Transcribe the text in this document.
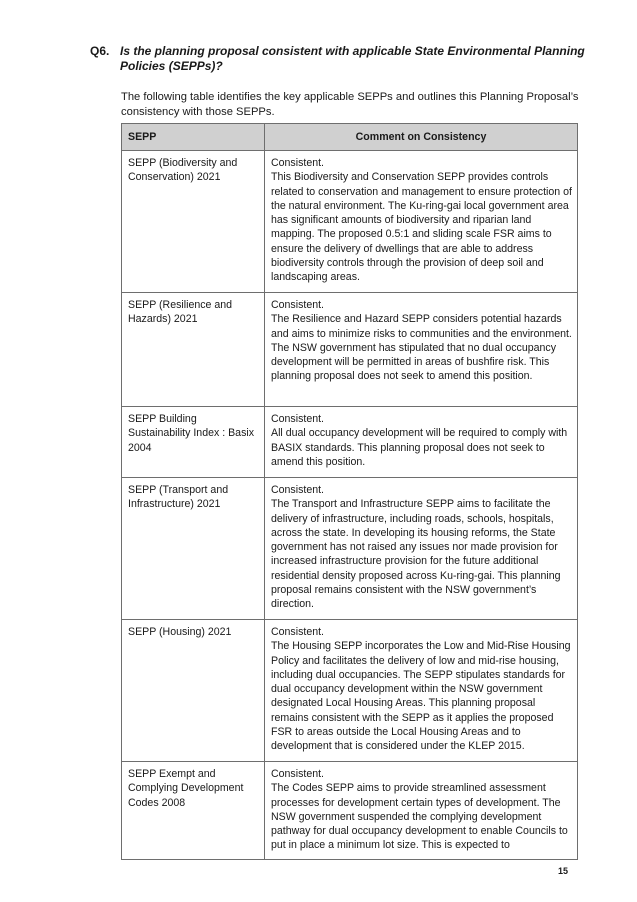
Q6. Is the planning proposal consistent with applicable State Environmental Planning Policies (SEPPs)?
The following table identifies the key applicable SEPPs and outlines this Planning Proposal’s consistency with those SEPPs.
SEPP	Comment on Consistency
SEPP (Biodiversity and Conservation) 2021	Consistent.
This Biodiversity and Conservation SEPP provides controls related to conservation and management to ensure protection of the natural environment. The Ku-ring-gai local government area has significant amounts of biodiversity and riparian land mapping. The proposed 0.5:1 and sliding scale FSR aims to ensure the delivery of dwellings that are able to address biodiversity controls through the provision of deep soil and landscaping areas.

SEPP (Resilience and Hazards) 2021	Consistent.
The Resilience and Hazard SEPP considers potential hazards and aims to minimize risks to communities and the environment. The NSW government has stipulated that no dual occupancy development will be permitted in areas of bushfire risk. This planning proposal does not seek to amend this position.

SEPP Building Sustainability Index : Basix 2004	Consistent.
All dual occupancy development will be required to comply with BASIX standards. This planning proposal does not seek to amend this position.

SEPP (Transport and Infrastructure) 2021	Consistent.
The Transport and Infrastructure SEPP aims to facilitate the delivery of infrastructure, including roads, schools, hospitals, across the state. In developing its housing reforms, the State government has not raised any issues nor made provision for increased infrastructure provision for the future additional residential density proposed across Ku-ring-gai. This planning proposal remains consistent with the NSW government’s direction.

SEPP (Housing) 2021	Consistent.
The Housing SEPP incorporates the Low and Mid-Rise Housing Policy and facilitates the delivery of low and mid-rise housing, including dual occupancies. The SEPP stipulates standards for dual occupancy development within the NSW government designated Local Housing Areas. This planning proposal remains consistent with the SEPP as it applies the proposed FSR to areas outside the Local Housing Areas and to development that is considered under the KLEP 2015.

SEPP Exempt and Complying Development Codes 2008	Consistent.
The Codes SEPP aims to provide streamlined assessment processes for development certain types of development. The NSW government suspended the complying development pathway for dual occupancy development to enable Councils to put in place a minimum lot size. This is expected to
15
